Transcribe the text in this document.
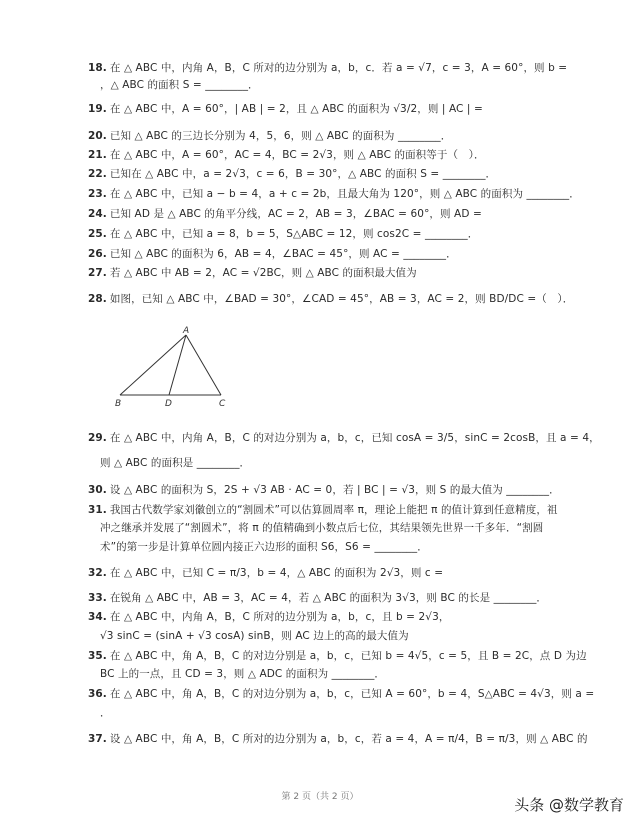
18. 在 △ ABC 中，内角 A，B，C 所对的边分别为 a，b，c．若 a = √7，c = 3，A = 60°，则 b =
，△ ABC 的面积 S = ________．
19. 在 △ ABC 中，A = 60°，| AB | = 2，且 △ ABC 的面积为 √3/2，则 | AC | =
20. 已知 △ ABC 的三边长分别为 4，5，6，则 △ ABC 的面积为 ________．
21. 在 △ ABC 中，A = 60°，AC = 4，BC = 2√3，则 △ ABC 的面积等于（　）．
22. 已知在 △ ABC 中，a = 2√3，c = 6，B = 30°，△ ABC 的面积 S = ________．
23. 在 △ ABC 中，已知 a − b = 4，a + c = 2b，且最大角为 120°，则 △ ABC 的面积为 ________．
24. 已知 AD 是 △ ABC 的角平分线，AC = 2，AB = 3，∠BAC = 60°，则 AD =
25. 在 △ ABC 中，已知 a = 8，b = 5，S△ABC = 12，则 cos2C = ________．
26. 已知 △ ABC 的面积为 6，AB = 4，∠BAC = 45°，则 AC = ________．
27. 若 △ ABC 中 AB = 2，AC = √2BC，则 △ ABC 的面积最大值为
28. 如图，已知 △ ABC 中，∠BAD = 30°，∠CAD = 45°，AB = 3，AC = 2，则 BD/DC =（　）．
A
B	D	C
29. 在 △ ABC 中，内角 A，B，C 的对边分别为 a，b，c，已知 cosA = 3/5，sinC = 2cosB，且 a = 4，
则 △ ABC 的面积是 ________．
30. 设 △ ABC 的面积为 S，2S + √3 AB · AC = 0，若 | BC | = √3，则 S 的最大值为 ________．
31. 我国古代数学家刘徽创立的“割圆术”可以估算圆周率 π，理论上能把 π 的值计算到任意精度，祖
冲之继承并发展了“割圆术”，将 π 的值精确到小数点后七位，其结果领先世界一千多年．“割圆
术”的第一步是计算单位圆内接正六边形的面积 S6，S6 = ________．
32. 在 △ ABC 中，已知 C = π/3，b = 4，△ ABC 的面积为 2√3，则 c =
33. 在锐角 △ ABC 中，AB = 3，AC = 4，若 △ ABC 的面积为 3√3，则 BC 的长是 ________．
34. 在 △ ABC 中，内角 A，B，C 所对的边分别为 a，b，c，且 b = 2√3，
√3 sinC = (sinA + √3 cosA) sinB，则 AC 边上的高的最大值为
35. 在 △ ABC 中，角 A，B，C 的对边分别是 a，b，c，已知 b = 4√5，c = 5，且 B = 2C，点 D 为边
BC 上的一点，且 CD = 3，则 △ ADC 的面积为 ________．
36. 在 △ ABC 中，角 A，B，C 的对边分别为 a，b，c，已知 A = 60°，b = 4，S△ABC = 4√3，则 a =
．
37. 设 △ ABC 中，角 A，B，C 所对的边分别为 a，b，c，若 a = 4，A = π/4，B = π/3，则 △ ABC 的
第 2 页（共 2 页）	头条 @数学教育
